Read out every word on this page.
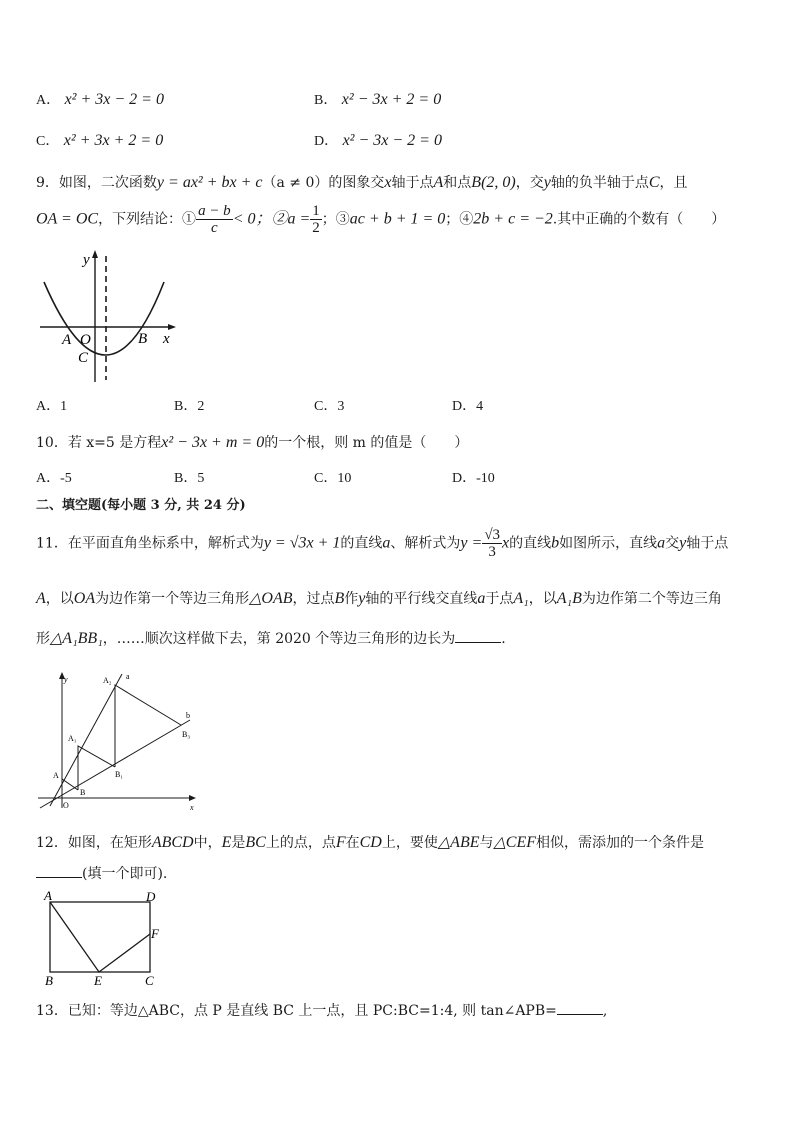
A． x² + 3x − 2 = 0	B． x² − 3x + 2 = 0
C． x² + 3x + 2 = 0	D． x² − 3x − 2 = 0
9．如图，二次函数y = ax² + bx + c（a ≠ 0）的图象交x轴于点A和点B(2, 0)，交y轴的负半轴于点C，且
OA = OC，下列结论：① $\frac{a - b}{c} < 0$；②a = $\frac{1}{2}$ ；③ac + b + 1 = 0；④2b + c = −2.其中正确的个数有（　　）
y
x
O
A	B
C
A．1	B．2	C．3	D．4
10．若 x=5 是方程x² − 3x + m = 0的一个根，则 m 的值是（　　）
A．-5	B．5	C．10	D．-10
二、填空题(每小题 3 分, 共 24 分)
11．在平面直角坐标系中，解析式为y = √3x + 1的直线a、解析式为$y = \frac{√3}{3}$ x的直线b如图所示，直线a交y轴于点
A，以OA为边作第一个等边三角形△OAB，过点B作y轴的平行线交直线a于点A₁，以A₁B为边作第二个等边三角
形△A₁BB₁，……顺次这样做下去，第 2020 个等边三角形的边长为	.
y
x
O
A
B
A₁
B₁
A₂
B₃
a
b
12．如图，在矩形ABCD中，E是BC上的点，点F在CD上，要使△ABE与△CEF相似，需添加的一个条件是
(填一个即可).
A	D
B	E	C
F
13．已知：等边△ABC，点 P 是直线 BC 上一点，且 PC:BC=1:4, 则 tan∠APB=	,
